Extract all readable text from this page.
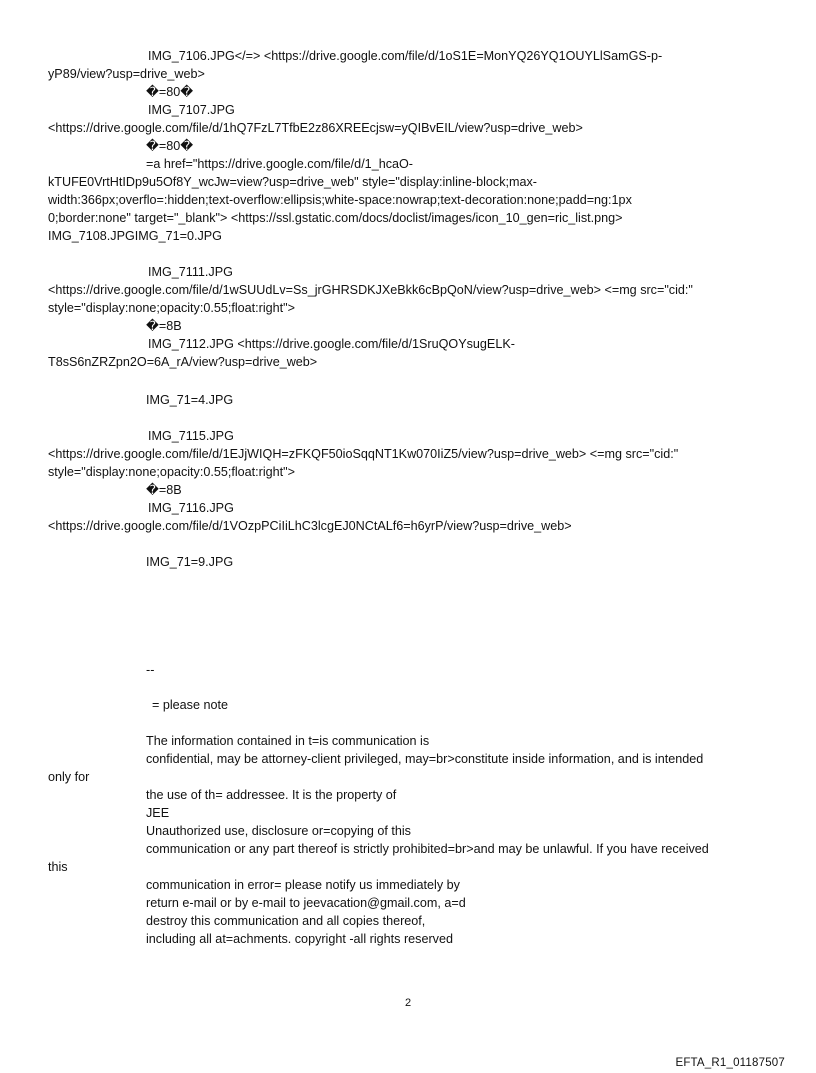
IMG_7106.JPG</=> <https://drive.google.com/file/d/1oS1E=MonYQ26YQ1OUYLlSamGS-p-
yP89/view?usp=drive_web>
�=80�
IMG_7107.JPG
<https://drive.google.com/file/d/1hQ7FzL7TfbE2z86XREEcjsw=yQIBvEIL/view?usp=drive_web>
�=80�
=a href="https://drive.google.com/file/d/1_hcaO-
kTUFE0VrtHtIDp9u5Of8Y_wcJw=view?usp=drive_web" style="display:inline-block;max-
width:366px;overflo=:hidden;text-overflow:ellipsis;white-space:nowrap;text-decoration:none;padd=ng:1px
0;border:none" target="_blank"> <https://ssl.gstatic.com/docs/doclist/images/icon_10_gen=ric_list.png>
IMG_7108.JPGIMG_71=0.JPG
IMG_7111.JPG
<https://drive.google.com/file/d/1wSUUdLv=Ss_jrGHRSDKJXeBkk6cBpQoN/view?usp=drive_web> <=mg src="cid:"
style="display:none;opacity:0.55;float:right">
�=8B
IMG_7112.JPG <https://drive.google.com/file/d/1SruQOYsugELK-
T8sS6nZRZpn2O=6A_rA/view?usp=drive_web>
IMG_71=4.JPG
IMG_7115.JPG
<https://drive.google.com/file/d/1EJjWIQH=zFKQF50ioSqqNT1Kw070IiZ5/view?usp=drive_web> <=mg src="cid:"
style="display:none;opacity:0.55;float:right">
�=8B
IMG_7116.JPG
<https://drive.google.com/file/d/1VOzpPCiIiLhC3lcgEJ0NCtALf6=h6yrP/view?usp=drive_web>
IMG_71=9.JPG
--
= please note
The information contained in t=is communication is
confidential, may be attorney-client privileged, may=br>constitute inside information, and is intended
only for
the use of th= addressee. It is the property of
JEE
Unauthorized use, disclosure or=copying of this
communication or any part thereof is strictly prohibited=br>and may be unlawful. If you have received
this
communication in error= please notify us immediately by
return e-mail or by e-mail to jeevacation@gmail.com, a=d
destroy this communication and all copies thereof,
including all at=achments. copyright -all rights reserved
2
EFTA_R1_01187507
